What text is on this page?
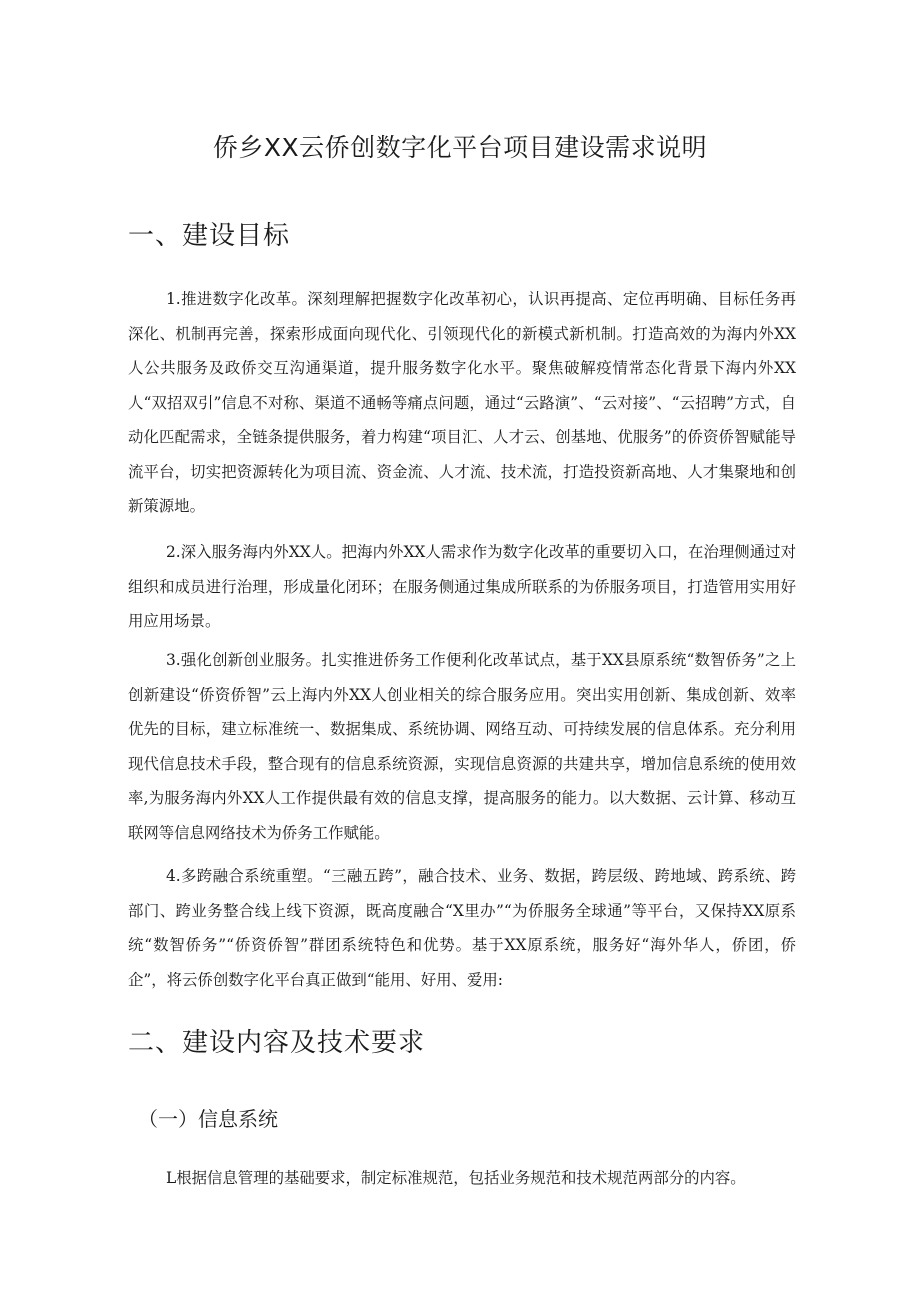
侨乡XX云侨创数字化平台项目建设需求说明
一、建设目标

1.推进数字化改革。深刻理解把握数字化改革初心，认识再提高、定位再明确、目标任务再深化、机制再完善，探索形成面向现代化、引领现代化的新模式新机制。打造高效的为海内外XX人公共服务及政侨交互沟通渠道，提升服务数字化水平。聚焦破解疫情常态化背景下海内外XX人“双招双引”信息不对称、渠道不通畅等痛点问题，通过“云路演”、“云对接”、“云招聘”方式，自动化匹配需求，全链条提供服务，着力构建“项目汇、人才云、创基地、优服务”的侨资侨智赋能导流平台，切实把资源转化为项目流、资金流、人才流、技术流，打造投资新高地、人才集聚地和创新策源地。

2.深入服务海内外XX人。把海内外XX人需求作为数字化改革的重要切入口，在治理侧通过对组织和成员进行治理，形成量化闭环；在服务侧通过集成所联系的为侨服务项目，打造管用实用好用应用场景。

3.强化创新创业服务。扎实推进侨务工作便利化改革试点，基于XX县原系统“数智侨务”之上创新建设“侨资侨智”云上海内外XX人创业相关的综合服务应用。突出实用创新、集成创新、效率优先的目标，建立标准统一、数据集成、系统协调、网络互动、可持续发展的信息体系。充分利用现代信息技术手段，整合现有的信息系统资源，实现信息资源的共建共享，增加信息系统的使用效率,为服务海内外XX人工作提供最有效的信息支撑，提高服务的能力。以大数据、云计算、移动互联网等信息网络技术为侨务工作赋能。

4.多跨融合系统重塑。“三融五跨”，融合技术、业务、数据，跨层级、跨地域、跨系统、跨部门、跨业务整合线上线下资源，既高度融合“X里办”“为侨服务全球通”等平台，又保持XX原系统“数智侨务”“侨资侨智”群团系统特色和优势。基于XX原系统，服务好“海外华人，侨团，侨企”，将云侨创数字化平台真正做到“能用、好用、爱用:

二、建设内容及技术要求
（一）信息系统

L根据信息管理的基础要求，制定标准规范，包括业务规范和技术规范两部分的内容。
